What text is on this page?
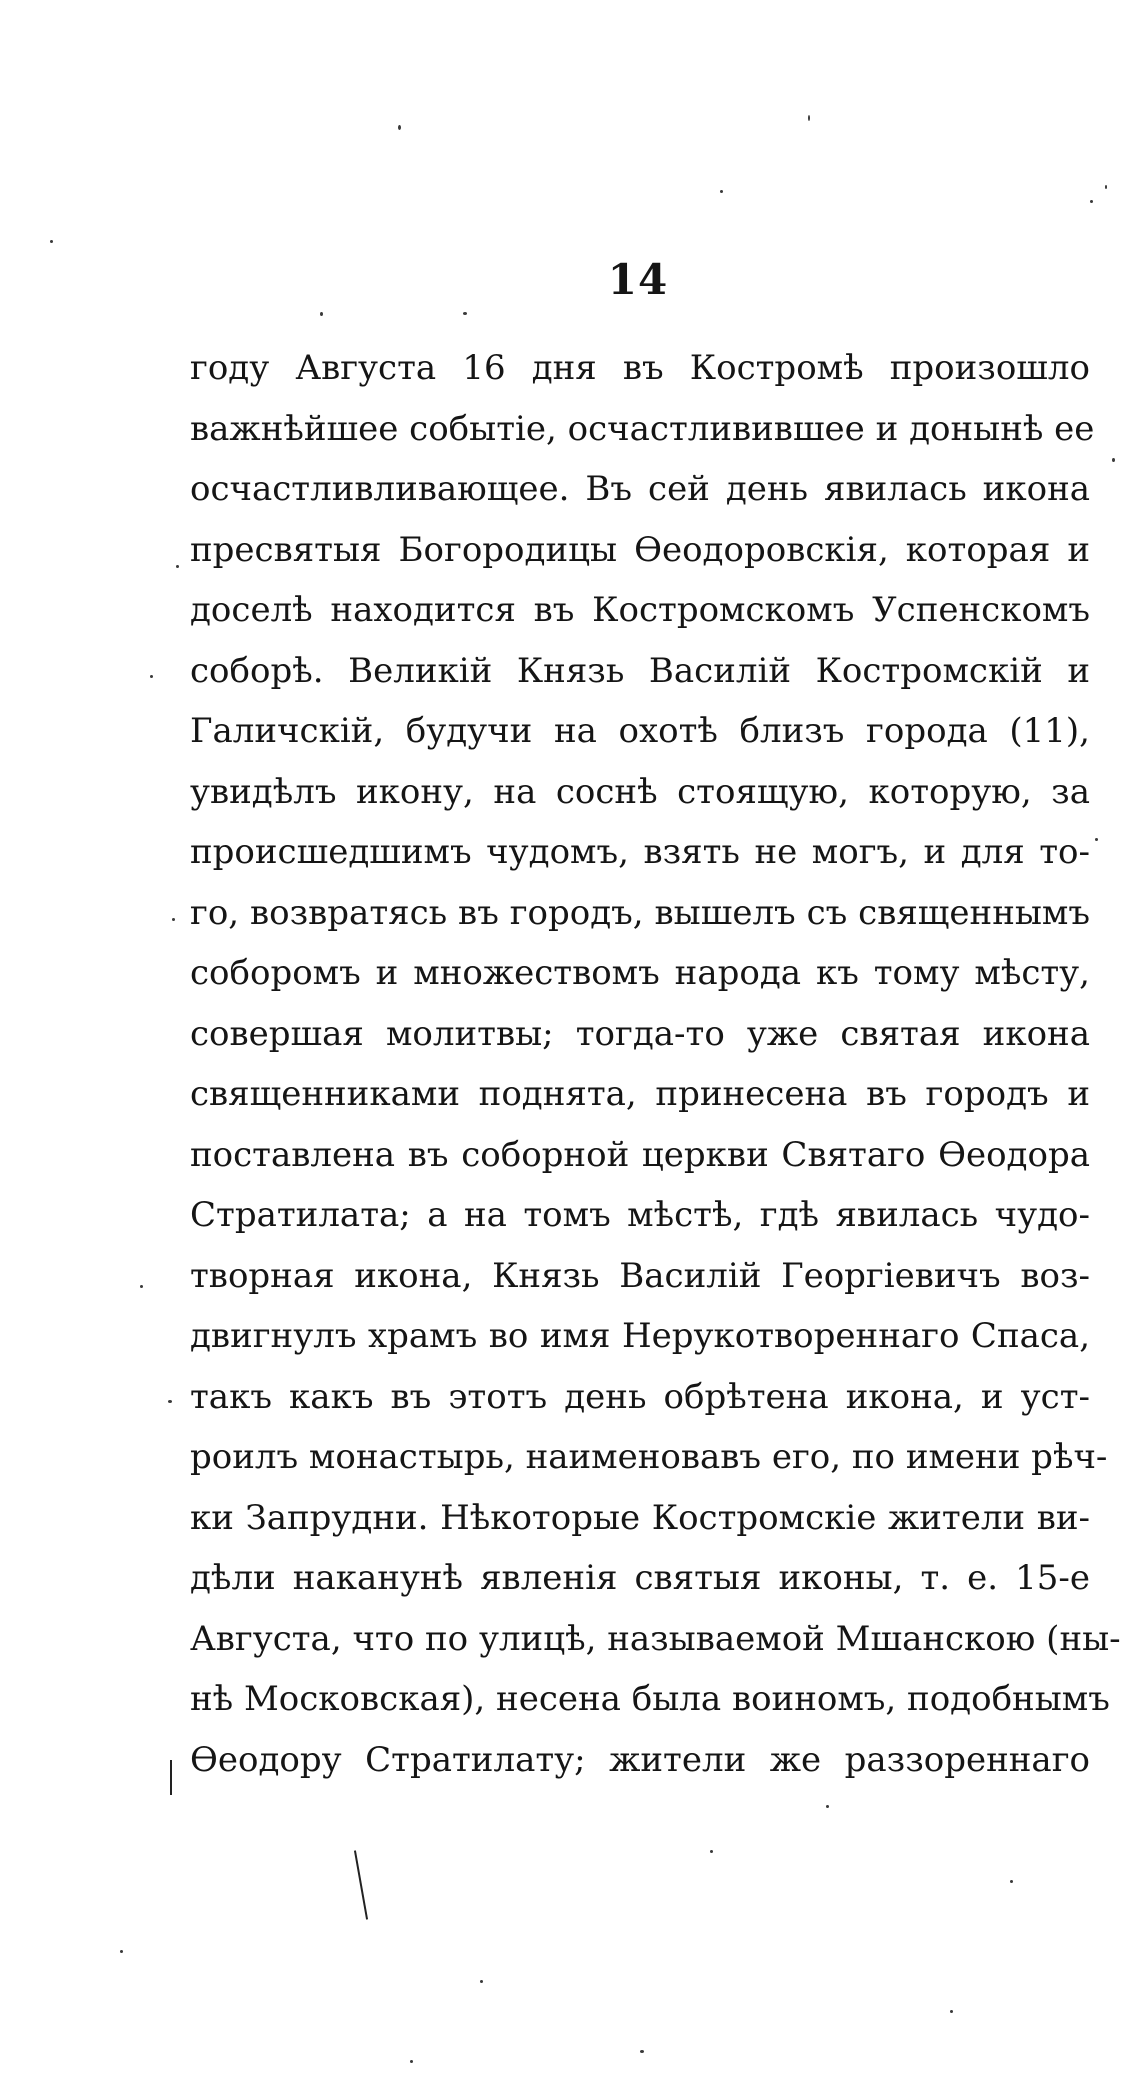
14
году Августа 16 дня въ Костромѣ произошло
важнѣйшее событіе, осчастливившее и донынѣ ее
осчастливливающее. Въ сей день явилась икона
пресвятыя Богородицы Ѳеодоровскія, которая и
доселѣ находится въ Костромскомъ Успенскомъ
соборѣ. Великій Князь Василій Костромскій и
Галичскій, будучи на охотѣ близъ города (11),
увидѣлъ икону, на соснѣ стоящую, которую, за
происшедшимъ чудомъ, взять не могъ, и для то-
го, возвратясь въ городъ, вышелъ съ священнымъ
соборомъ и множествомъ народа къ тому мѣсту,
совершая молитвы; тогда-то уже святая икона
священниками поднята, принесена въ городъ и
поставлена въ соборной церкви Святаго Ѳеодора
Стратилата; а на томъ мѣстѣ, гдѣ явилась чудо-
творная икона, Князь Василій Георгіевичъ воз-
двигнулъ храмъ во имя Нерукотвореннаго Спаса,
такъ какъ въ этотъ день обрѣтена икона, и уст-
роилъ монастырь, наименовавъ его, по имени рѣч-
ки Запрудни. Нѣкоторые Костромскіе жители ви-
дѣли наканунѣ явленія святыя иконы, т. е. 15-е
Августа, что по улицѣ, называемой Мшанскою (ны-
нѣ Московская), несена была воиномъ, подобнымъ
Ѳеодору Стратилату; жители же раззореннаго
